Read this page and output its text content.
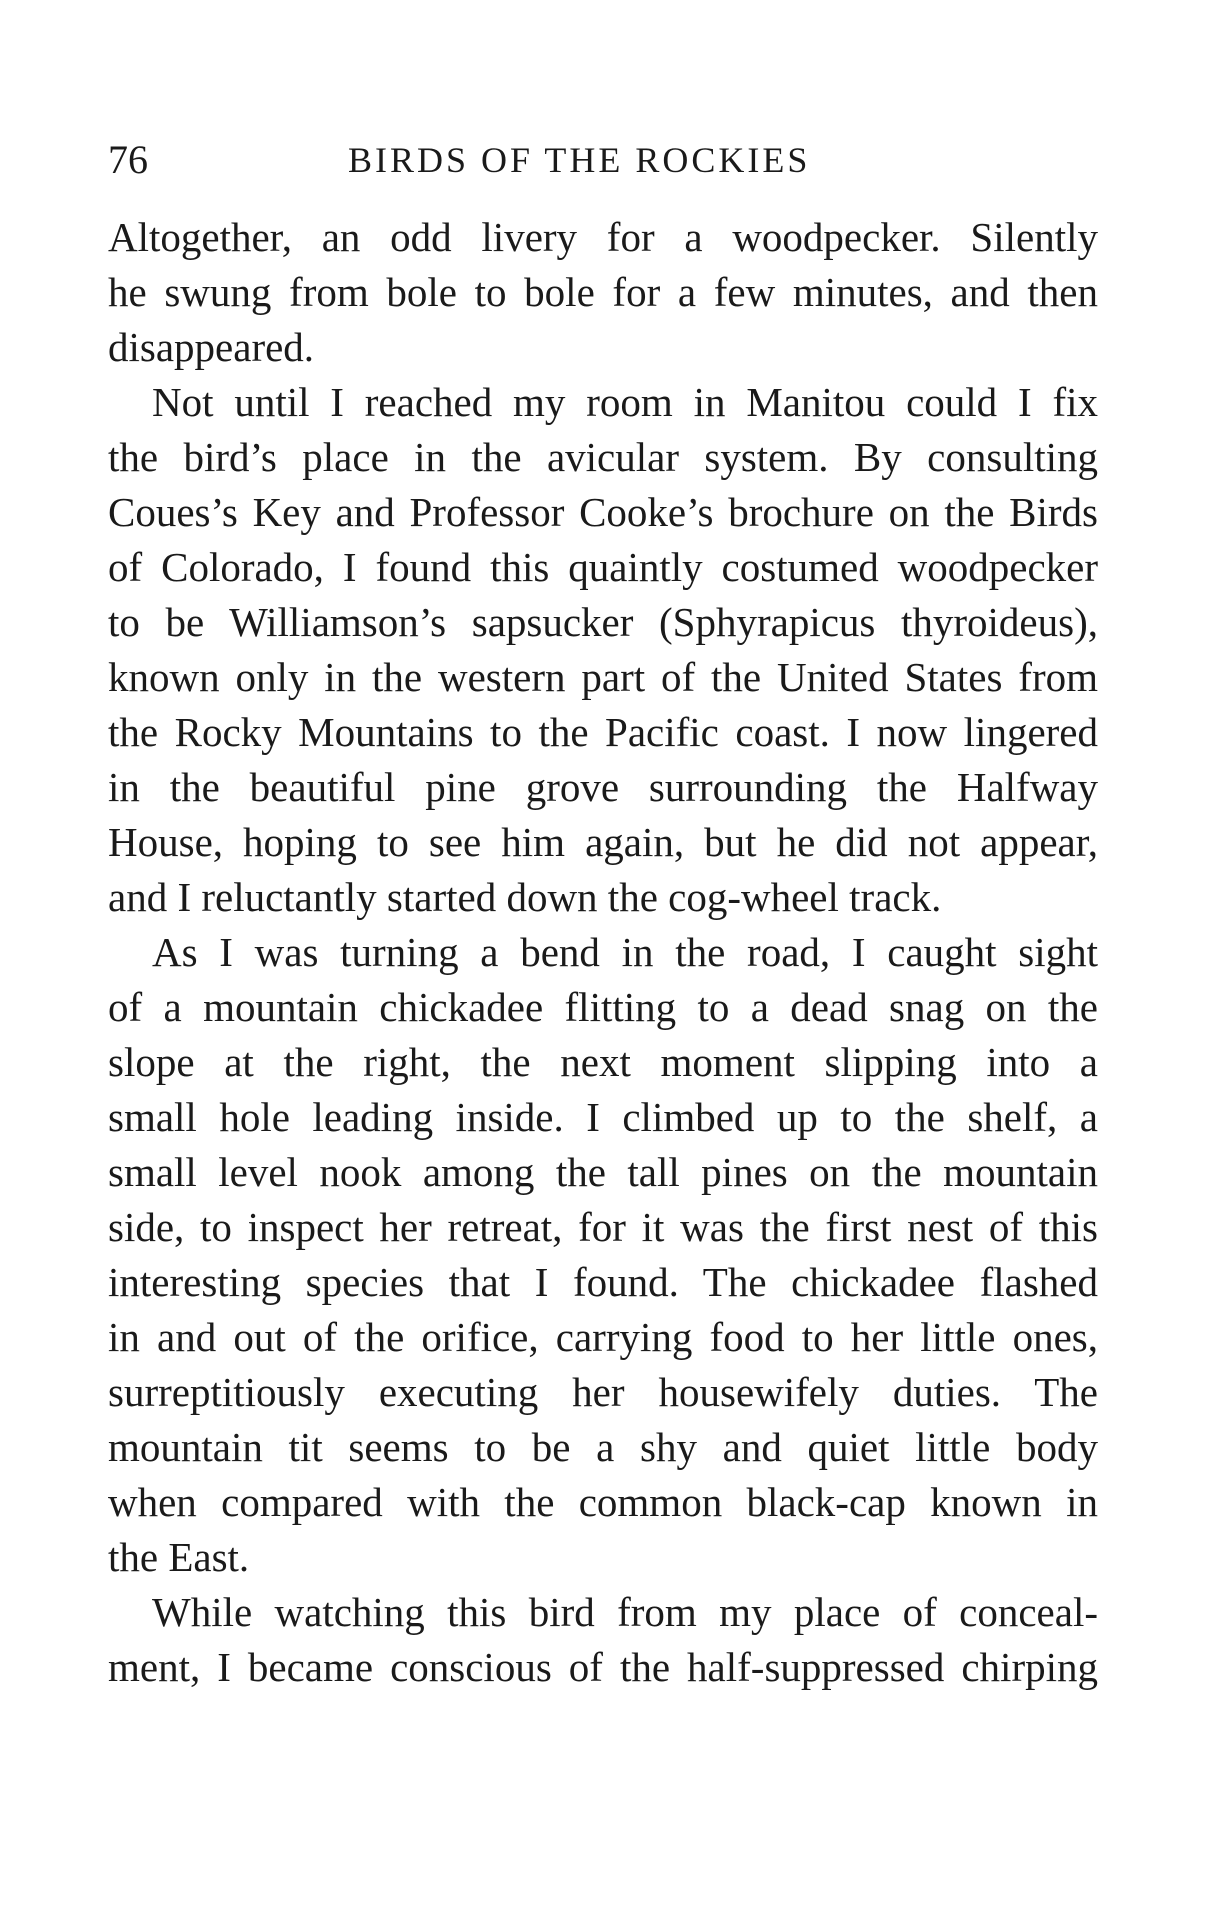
76	BIRDS OF THE ROCKIES
Altogether, an odd livery for a woodpecker. Silently
he swung from bole to bole for a few minutes, and then
disappeared.
Not until I reached my room in Manitou could I fix
the bird’s place in the avicular system. By consulting
Coues’s Key and Professor Cooke’s brochure on the Birds
of Colorado, I found this quaintly costumed woodpecker
to be Williamson’s sapsucker (Sphyrapicus thyroideus),
known only in the western part of the United States from
the Rocky Mountains to the Pacific coast. I now lingered
in the beautiful pine grove surrounding the Halfway
House, hoping to see him again, but he did not appear,
and I reluctantly started down the cog-wheel track.
As I was turning a bend in the road, I caught sight
of a mountain chickadee flitting to a dead snag on the
slope at the right, the next moment slipping into a
small hole leading inside. I climbed up to the shelf, a
small level nook among the tall pines on the mountain
side, to inspect her retreat, for it was the first nest of this
interesting species that I found. The chickadee flashed
in and out of the orifice, carrying food to her little ones,
surreptitiously executing her housewifely duties. The
mountain tit seems to be a shy and quiet little body
when compared with the common black-cap known in
the East.
While watching this bird from my place of conceal-
ment, I became conscious of the half-suppressed chirping
